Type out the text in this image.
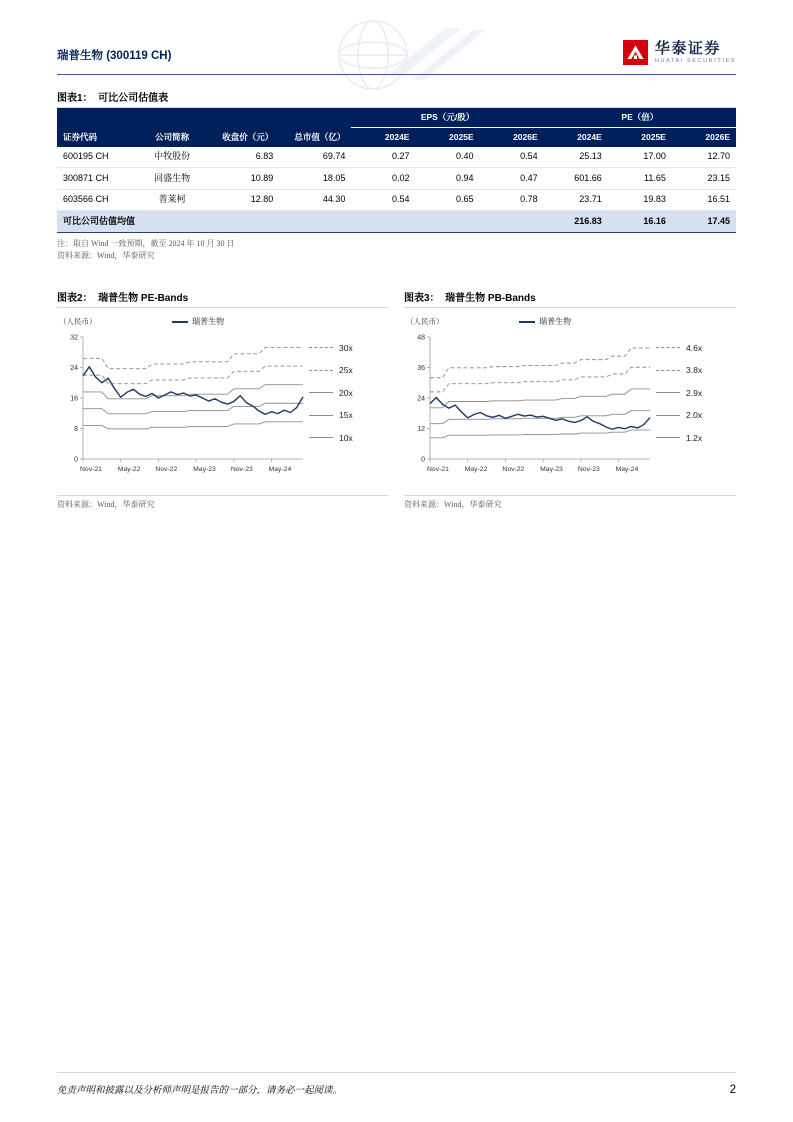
瑞普生物 (300119 CH)	华泰证券
HUATAI SECURITIES
图表1：  可比公司估值表
				EPS（元/股）			PE（倍）		
证券代码	公司简称	收盘价（元）	总市值（亿）	2024E	2025E	2026E	2024E	2025E	2026E
600195 CH	中牧股份	6.83	69.74	0.27	0.40	0.54	25.13	17.00	12.70
300871 CH	回盛生物	10.89	18.05	0.02	0.94	0.47	601.66	11.65	23.15
603566 CH	普莱柯	12.80	44.30	0.54	0.65	0.78	23.71	19.83	16.51
可比公司估值均值							216.83	16.16	17.45
注：取自 Wind 一致预期，截至 2024 年 10 月 30 日
资料来源：Wind，华泰研究
图表2：  瑞普生物 PE-Bands
（人民币）	瑞普生物
0
8
16
24
32
Nov-21 May-22 Nov-22 May-23 Nov-23 May-24
30x
25x
20x
15x
10x
资料来源：Wind，华泰研究
图表3：  瑞普生物 PB-Bands
（人民币）	瑞普生物
0
12
24
36
48
Nov-21 May-22 Nov-22 May-23 Nov-23 May-24
4.6x
3.8x
2.9x
2.0x
1.2x
资料来源：Wind，华泰研究
免责声明和披露以及分析师声明是报告的一部分，请务必一起阅读。	2
